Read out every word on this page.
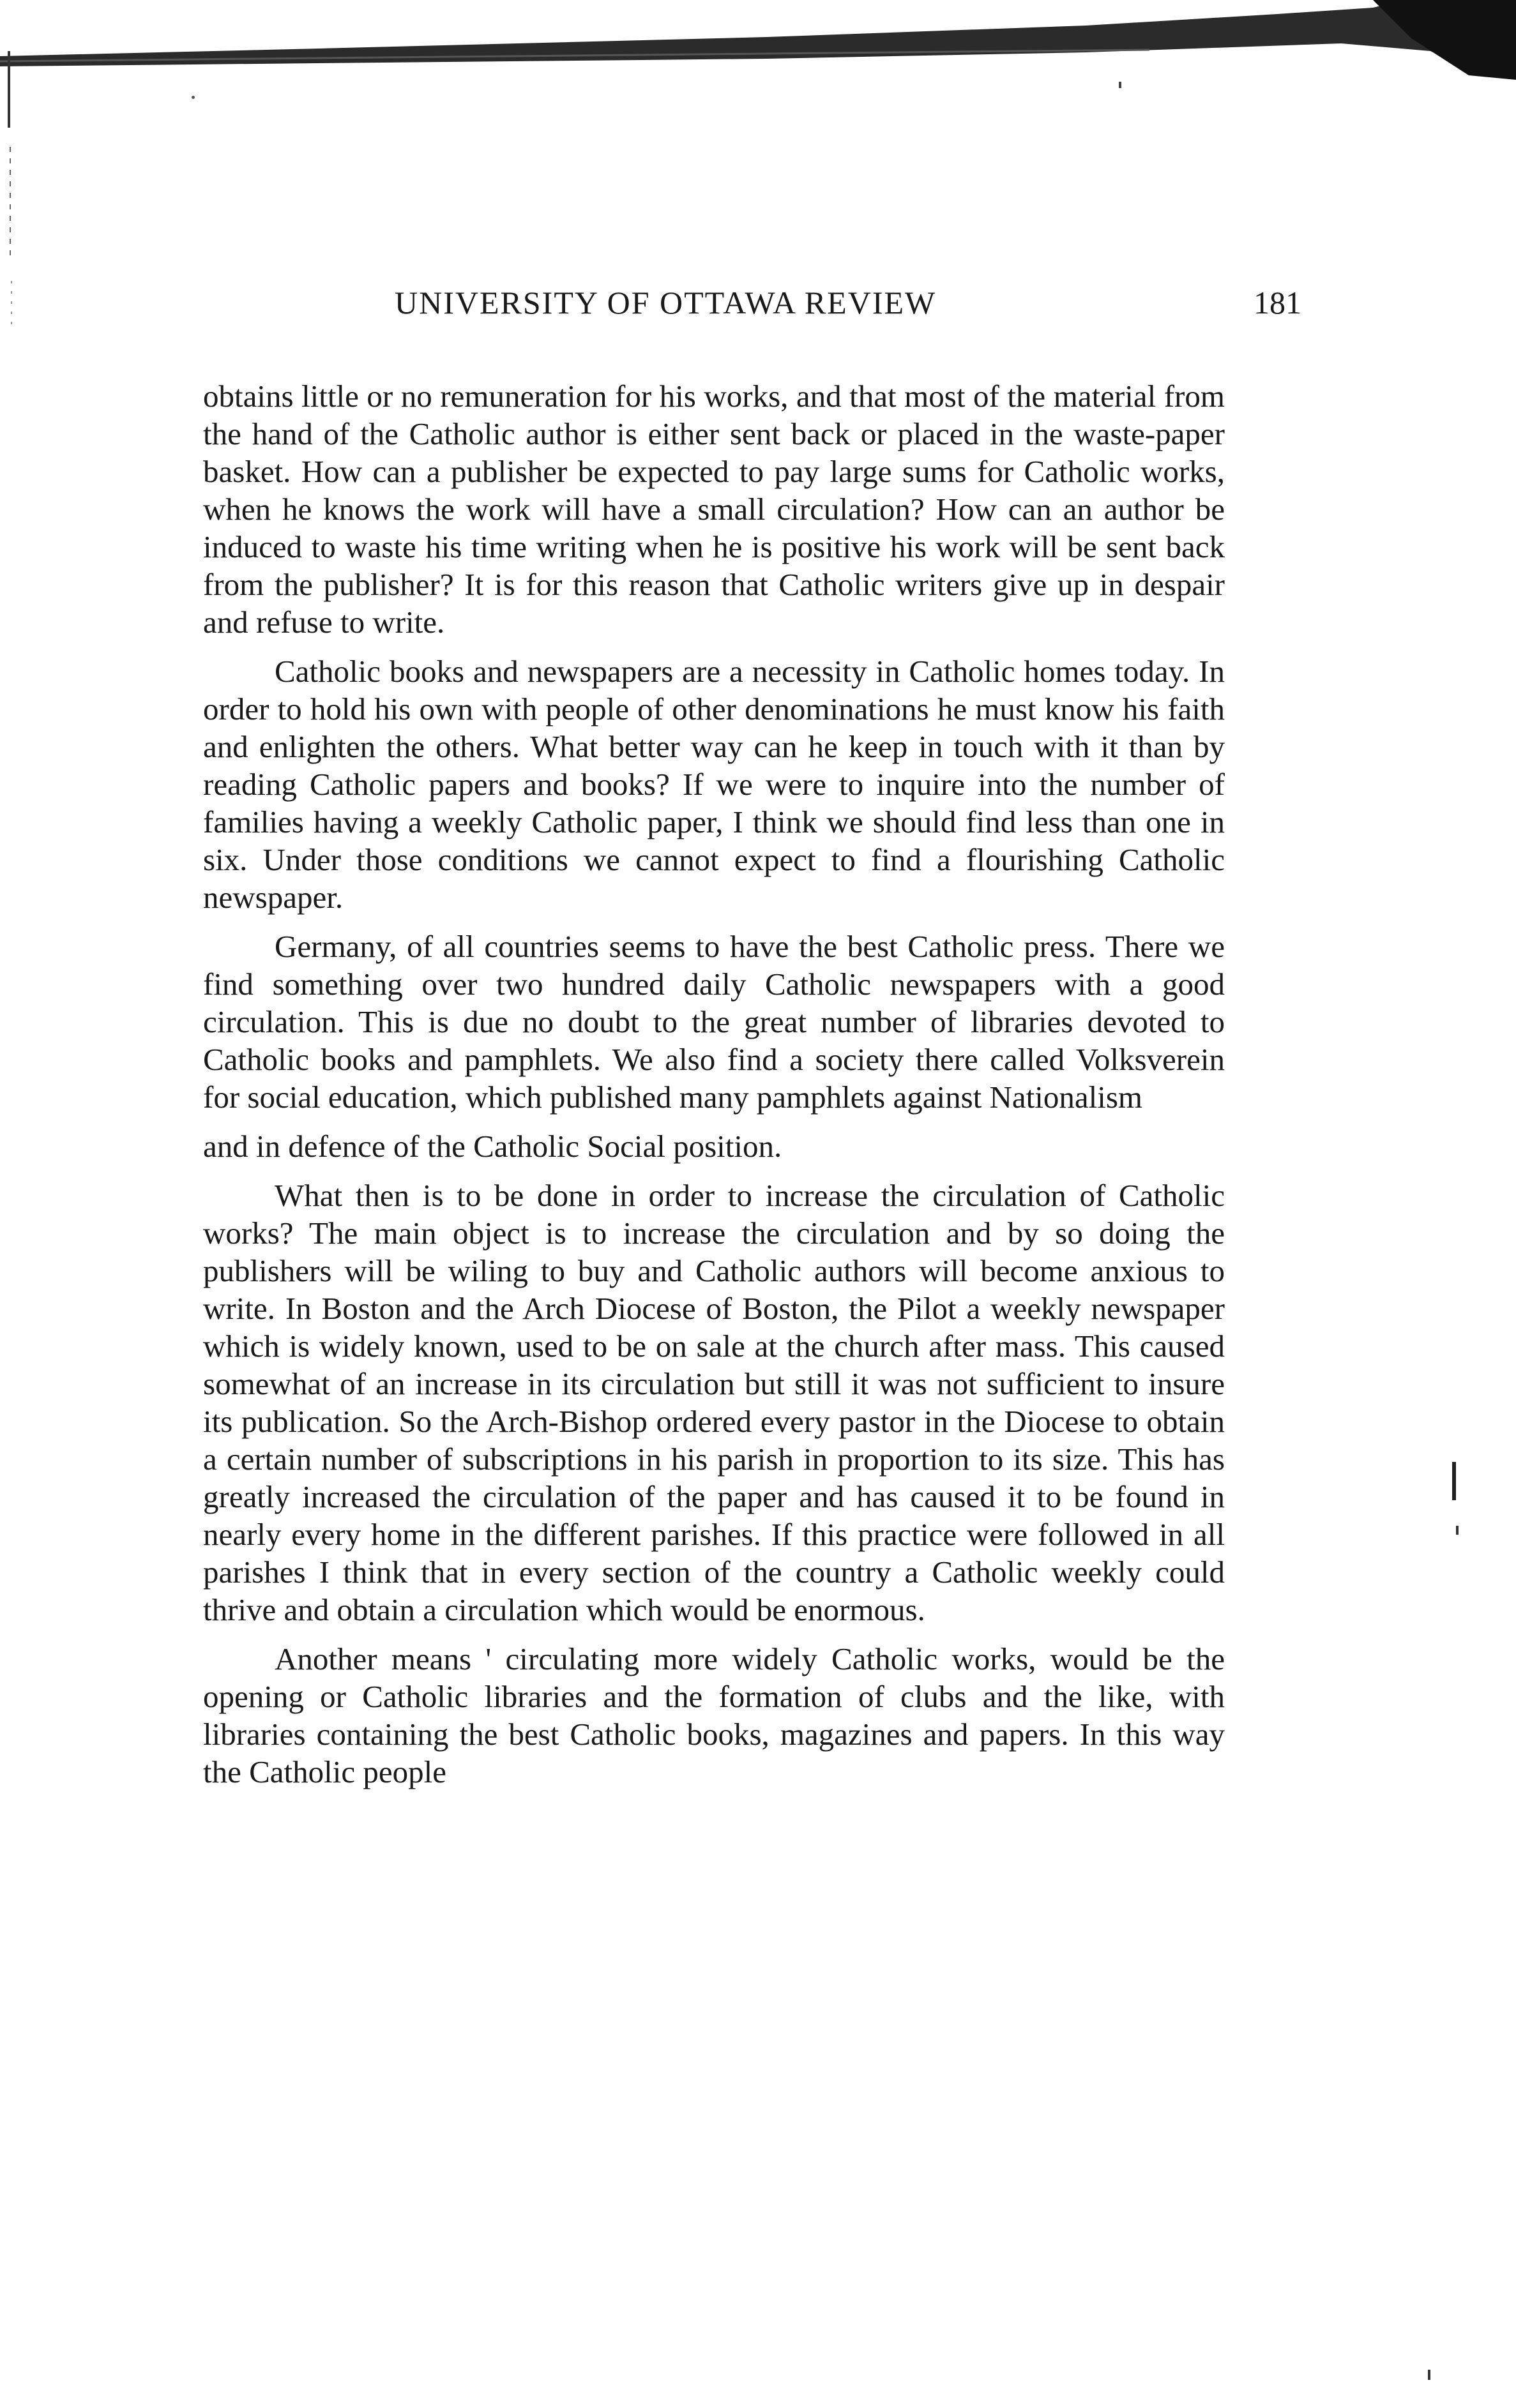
UNIVERSITY OF OTTAWA REVIEW	181

obtains little or no remuneration for his works, and that most of the material from the hand of the Catholic author is either sent back or placed in the waste-paper basket. How can a publisher be expected to pay large sums for Catholic works, when he knows the work will have a small circulation? How can an author be induced to waste his time writing when he is positive his work will be sent back from the publisher? It is for this reason that Catholic writers give up in despair and refuse to write.

Catholic books and newspapers are a necessity in Catholic homes today. In order to hold his own with people of other denominations he must know his faith and enlighten the others. What better way can he keep in touch with it than by reading Catholic papers and books? If we were to inquire into the number of families having a weekly Catholic paper, I think we should find less than one in six. Under those conditions we cannot expect to find a flourishing Catholic newspaper.

Germany, of all countries seems to have the best Catholic press. There we find something over two hundred daily Catholic newspapers with a good circulation. This is due no doubt to the great number of libraries devoted to Catholic books and pamphlets. We also find a society there called Volksverein for social education, which published many pamphlets against Nationalism

and in defence of the Catholic Social position.

What then is to be done in order to increase the circulation of Catholic works? The main object is to increase the circulation and by so doing the publishers will be wiling to buy and Catholic authors will become anxious to write. In Boston and the Arch Diocese of Boston, the Pilot a weekly newspaper which is widely known, used to be on sale at the church after mass. This caused somewhat of an increase in its circulation but still it was not sufficient to insure its publication. So the Arch-Bishop ordered every pastor in the Diocese to obtain a certain number of subscriptions in his parish in proportion to its size. This has greatly increased the circulation of the paper and has caused it to be found in nearly every home in the different parishes. If this practice were followed in all parishes I think that in every section of the country a Catholic weekly could thrive and obtain a circulation which would be enormous.

Another means ' circulating more widely Catholic works, would be the opening or Catholic libraries and the formation of clubs and the like, with libraries containing the best Catholic books, magazines and papers. In this way the Catholic people
